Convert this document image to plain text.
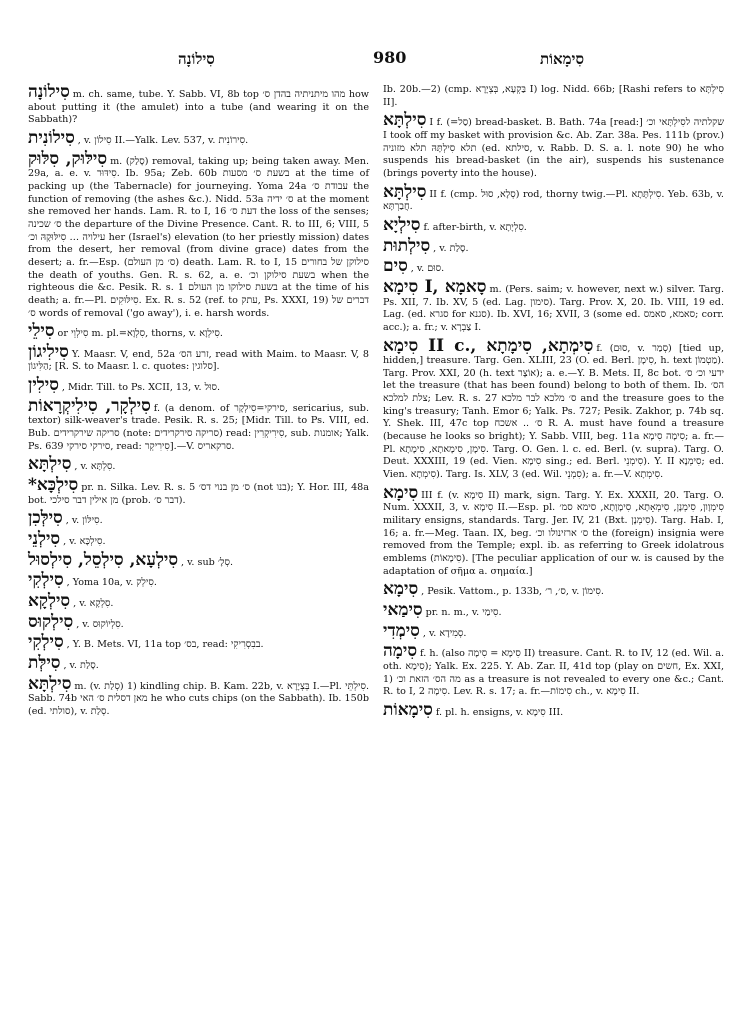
סִילוֹנָה	980	סִימָאוֹת

סִילוֹנָה m. ch. same, tube. Y. Sabb. VI, 8b top מהו מיתניתיה בהדן ס׳ how about putting it (the amulet) into a tube (and wearing it on the Sabbath)?

סִילוֹנִית , v. סִילוֹן II.—Yalk. Lev. 537, v. סִירוֹנִית.

סִילּוּק, סִלּוּק m. (סָלַק) removal, taking up; being taken away. Men. 29a, a. e. v. סִידּוּר. Ib. 95a; Zeb. 60b בשעת ס׳ מסעות at the time of packing up (the Tabernacle) for journeying. Yoma 24a עבודת ס׳ the function of removing (the ashes &c.). Nidd. 53a ס׳ ידיה at the moment she removed her hands. Lam. R. to I, 16 דעת ס׳ the loss of the senses; ס׳ שכינה the departure of the Divine Presence. Cant. R. to III, 6; VIII, 5 עילויה … סִילּוּקָהּ וכ׳ her (Israel's) elevation (to her priestly mission) dates from the desert, her removal (from divine grace) dates from the desert; a. fr.—Esp. (ס׳ מן העולם) death. Lam. R. to I, 15 סילוקן של בחורים the death of youths. Gen. R. s. 62, a. e. בשעת סילוקן וכ׳ when the righteous die &c. Pesik. R. s. 1 בשעת סילוקו מן העולם at the time of his death; a. fr.—Pl. סִילּוּקִים. Ex. R. s. 52 (ref. to עתק, Ps. XXXI, 19) דברים של ס׳ words of removal ('go away'), i. e. harsh words.

סִילֵי or סִילְוֵי m. pl.=סִלְוָא, thorns, v. סִילְוָא.

סִילִיגוֹן Y. Maasr. V, end, 52a זרע הס׳, read with Maim. to Maasr. V, 8 הַלִּיגוֹן; [R. S. to Maasr. l. c. quotes: סלוגין].

סִילִין , Midr. Till. to Ps. XCII, 13, v. סוּל.

סִילְקָר, סִילִיקְרָאוֹת f. (a denom. of סירקי=סִילְקָר, sericarius, sub. textor) silk-weaver's trade. Pesik. R. s. 25; [Midr. Till. to Ps. VIII, ed. Bub. סריקה שירקרידים (note: סריקה סירקרידים) read: סִירִיקְרִין, sub. אומנות; Yalk. Ps. 639 סירקי סירקי, read: סִירִיקְר].—V. סרקאריס.

סִילְתָּא , v. סִלְתָּא.

*סִילְכָּא pr. n. Silka. Lev. R. s. 5 ס׳ מן בנוי דס׳ (not בנו); Y. Hor. III, 48a bot. מן אילין דבר סילכי (prob. דבר ס׳).

סִילְּכִן , v. סִילּוֹן.

סִילְנֵי , v. סִילְכָּא.

סִילְעָא, סִילְסֵל, סִילְסוּל , v. sub סְלָ׳.

סִילְקִי , Yoma 10a, v. סִילְק.

סִילְקָא , v. סִלְקָא.

סִילְקוּס , v. סִלְיוֹקוּס.

סִילְקִי , Y. B. Mets. VI, 11a top בס׳, read: בבִסְרִיקִי.

סִילְּת , v. סָלַת.

סִילְתָּא m. (v. סְלַת) 1) kindling chip. B. Kam. 22b, v. בְּצְיָרָא I.—Pl. סִילְתֵּי. Sabb. 74b מאן דסלית ס׳ האי he who cuts chips (on the Sabbath). Ib. 150b (ed. סולתי), v. סְלַת.

Ib. 20b.—2) (cmp. בַּקְעָא, בְּצְיָרָא I) log. Nidd. 66b; [Rashi refers to סִילְתָּא II].

סִילְתָּא I f. (=סַל) bread-basket. B. Bath. 74a [read:] שקלתיה לסִילְתָּאי וכ׳ I took off my basket with provision &c. Ab. Zar. 38a. Pes. 111b (prov.) תלא סִילְתָּהּ תלא מזוניה (ed. סילתא, v. Rabb. D. S. a. l. note 90) he who suspends his bread-basket (in the air), suspends his sustenance (brings poverty into the house).

סִילְתָּא II f. (cmp. סְלָא, סוּל) rod, thorny twig.—Pl. סִילְתָּתָא. Yeb. 63b, v. חֲבַרְתָּא.

סִילְיָא f. after-birth, v. סִלְיָתָא.

סִילְתוּת , v. סָלַת.

סִים , v. סוּם.

סִימָא I, סָאמָא m. (Pers. saim; v. however, next w.) silver. Targ. Ps. XII, 7. Ib. XV, 5 (ed. Lag. סימון). Targ. Prov. X, 20. Ib. VIII, 19 ed. Lag. (ed. סגרא for סגנא). Ib. XVI, 16; XVII, 3 (some ed. סאמא, סאמס; corr. acc.); a. fr.; v. צַבְרָא I.

סִימָא II c., סִימְתָא, סִימָתָא f. (סוּם, v. סְמַר) [tied up, hidden,] treasure. Targ. Gen. XLIII, 23 (O. ed. Berl. סִימָן, h. text מַטְמוֹן). Targ. Prov. XXI, 20 (h. text אוֹצָר); a. e.—Y. B. Mets. II, 8c bot. ידעי וכ׳ ס׳ let the treasure (that has been found) belong to both of them. Ib. הס׳ צלת למלכא; Lev. R. s. 27 ס׳ מלכא לבר מלכא and the treasure goes to the king's treasury; Tanh. Emor 6; Yalk. Ps. 727; Pesik. Zakhor, p. 74b sq. Y. Shek. III, 47c top ס׳ .. אשכח R. A. must have found a treasure (because he looks so bright); Y. Sabb. VIII, beg. 11a סִימָה סִימָא; a. fr.—Pl. סִימָן, סִימָאתָא, סִימָתָא. Targ. O. Gen. l. c. ed. Berl. (v. supra). Targ. O. Deut. XXXIII, 19 (ed. Vien. סִימָא sing.; ed. Berl. סִימְנֵי). Y. II סִימְנָא; ed. Vien. סִימְתָא). Targ. Is. XLV, 3 (ed. Wil. סִמְנֵי); a. fr.—V. סִימְתָא.

סִימָא III f. (v. סִימָא II) mark, sign. Targ. Y. Ex. XXXII, 20. Targ. O. Num. XXXII, 3, v. סִימָא II.—Esp. pl. סִימְוָון, סִימְנָן, סִימְאָתָא, סִימָוָתָא, סימא סמ׳ military ensigns, standards. Targ. Jer. IV, 21 (Bxt. סִימְנָן). Targ. Hab. I, 16; a. fr.—Meg. Taan. IX, beg. ס׳ ארזינולו וכ׳ the (foreign) insignia were removed from the Temple; expl. ib. as referring to Greek idolatrous emblems (סִימָאוֹת). [The peculiar application of our w. is caused by the adaptation of σῆμα a. σημαία.]

סִימָא , Pesik. Vattom., p. 133b, ס׳, ר׳, v. סִימוֹן.

סִימַאי pr. n. m., v. סִימַי.

סִימְדִי , v. סְמִידָא.

סִימָה f. h. (also סִימָא = סִימָה II) treasure. Cant. R. to IV, 12 (ed. Wil. a. oth. סִימָא); Yalk. Ex. 225. Y. Ab. Zar. II, 41d top (play on חשים, Ex. XXI, 1) מה הס׳ הזאת וכ׳ as a treasure is not revealed to every one &c.; Cant. R. to I, 2 סִימָה. Lev. R. s. 17; a. fr.—סִימוֹת ch., v. סִימָא II.

סִימָאוֹת f. pl. h. ensigns, v. סִימָא III.
